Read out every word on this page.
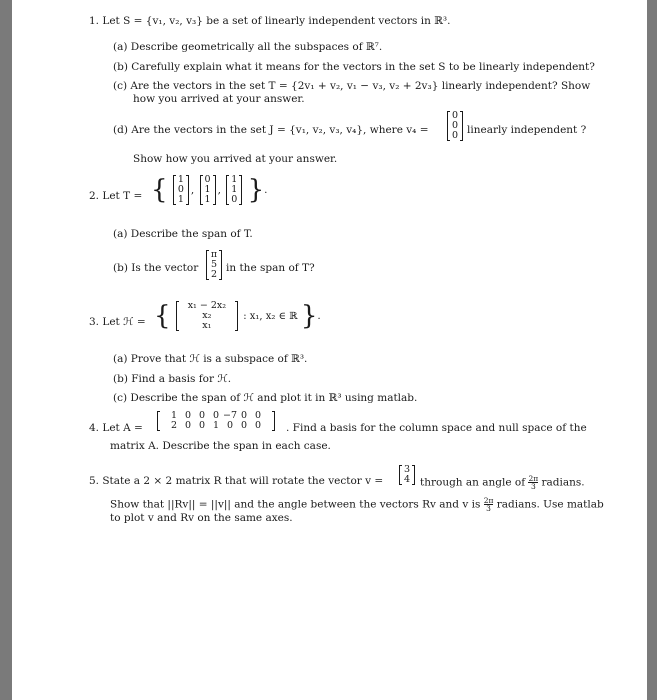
1. Let S = {v₁, v₂, v₃} be a set of linearly independent vectors in ℝ³.
(a) Describe geometrically all the subspaces of ℝ⁷.
(b) Carefully explain what it means for the vectors in the set S to be linearly independent?
(c) Are the vectors in the set T = {2v₁ + v₂, v₁ − v₃, v₂ + 2v₃} linearly independent? Show
how you arrived at your answer.
(d) Are the vectors in the set J = {v₁, v₂, v₃, v₄}, where v₄ =
0
0
0 linearly independent ?
Show how you arrived at your answer.
2. Let T = { 1
0
1
,
0
1
1
,
1
1
0 }.
(a) Describe the span of T.
(b) Is the vector
π
5
2
in the span of T?
3. Let ℋ = {	x₁ − 2x₂
x₂
x₁
: x₁, x₂ ∈ ℝ }.
(a) Prove that ℋ is a subspace of ℝ³.
(b) Find a basis for ℋ.
(c) Describe the span of ℋ and plot it in ℝ³ using matlab.
4. Let A =
1 0 0 0 −7 0 0
2 0 0 1 0 0 0	. Find a basis for the column space and null space of the
matrix A. Describe the span in each case.
5. State a 2 × 2 matrix R that will rotate the vector v =
3
4 through an angle of $\frac{2\pi}{3}$ radians.
Show that ||Rv|| = ||v|| and the angle between the vectors Rv and v is $\frac{2\pi}{3}$ radians. Use matlab
to plot v and Rv on the same axes.
